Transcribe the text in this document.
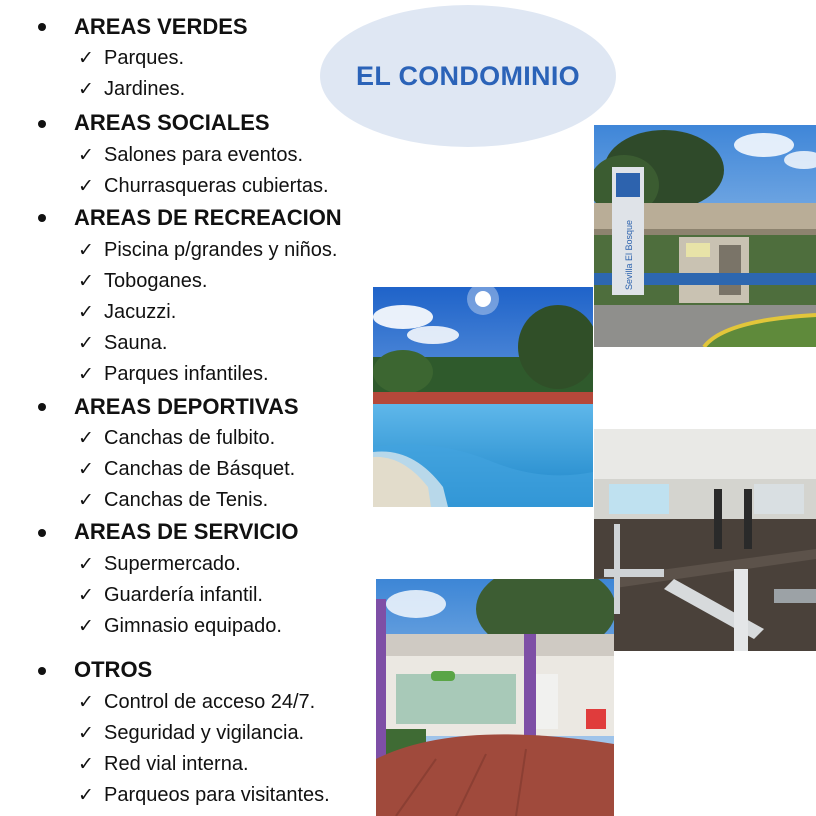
EL CONDOMINIO
AREAS VERDES
✓ Parques.
✓ Jardines.
AREAS SOCIALES
✓ Salones para eventos.
✓ Churrasqueras cubiertas.
AREAS DE RECREACION
✓ Piscina p/grandes y niños.
✓ Toboganes.
✓ Jacuzzi.
✓ Sauna.
✓ Parques infantiles.
AREAS DEPORTIVAS
✓ Canchas de fulbito.
✓ Canchas de Básquet.
✓ Canchas de Tenis.
AREAS DE SERVICIO
✓ Supermercado.
✓ Guardería infantil.
✓ Gimnasio equipado.
OTROS
✓ Control de acceso 24/7.
✓ Seguridad y vigilancia.
✓ Red vial interna.
✓ Parqueos para visitantes.
Sevilla El Bosque
